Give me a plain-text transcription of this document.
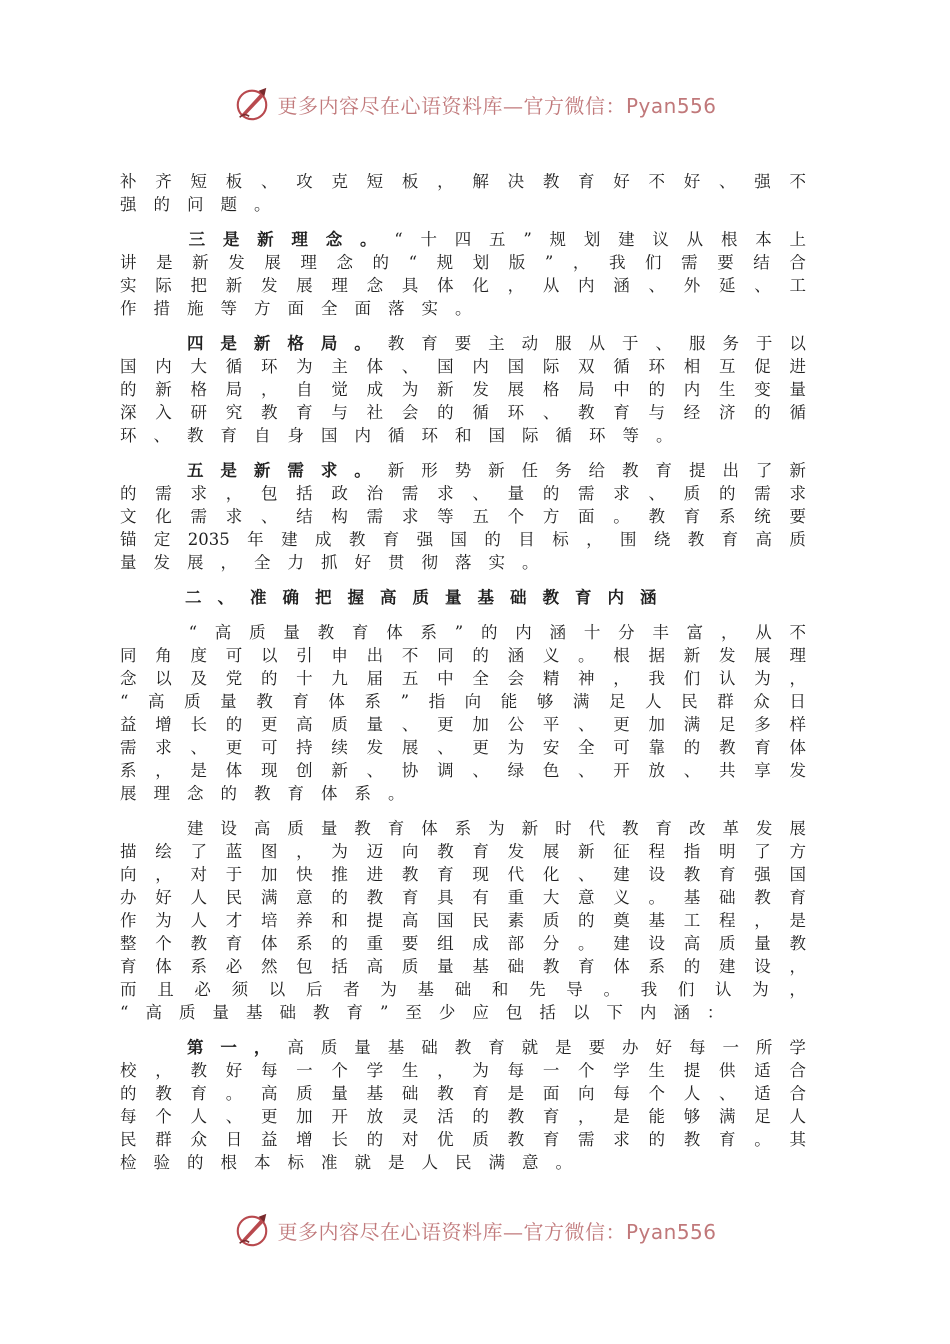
更多内容尽在心语资料库—官方微信：Pyan556
补 齐 短 板 、 攻 克 短 板 ， 解 决 教 育 好 不 好 、 强 不
强 的 问 题 。

三 是 新 理 念 。 “ 十 四 五 ” 规 划 建 议 从 根 本 上
讲 是 新 发 展 理 念 的 “ 规 划 版 ” ， 我 们 需 要 结 合
实 际 把 新 发 展 理 念 具 体 化 ， 从 内 涵 、 外 延 、 工
作 措 施 等 方 面 全 面 落 实 。

四 是 新 格 局 。 教 育 要 主 动 服 从 于 、 服 务 于 以
国 内 大 循 环 为 主 体 、 国 内 国 际 双 循 环 相 互 促 进
的 新 格 局 ， 自 觉 成 为 新 发 展 格 局 中 的 内 生 变 量
深 入 研 究 教 育 与 社 会 的 循 环 、 教 育 与 经 济 的 循
环 、 教 育 自 身 国 内 循 环 和 国 际 循 环 等 。

五 是 新 需 求 。 新 形 势 新 任 务 给 教 育 提 出 了 新
的 需 求 ， 包 括 政 治 需 求 、 量 的 需 求 、 质 的 需 求
文 化 需 求 、 结 构 需 求 等 五 个 方 面 。 教 育 系 统 要
锚 定 2035 年 建 成 教 育 强 国 的 目 标 ， 围 绕 教 育 高 质
量 发 展 ， 全 力 抓 好 贯 彻 落 实 。

二 、 准 确 把 握 高 质 量 基 础 教 育 内 涵

“ 高 质 量 教 育 体 系 ” 的 内 涵 十 分 丰 富 ， 从 不
同 角 度 可 以 引 申 出 不 同 的 涵 义 。 根 据 新 发 展 理
念 以 及 党 的 十 九 届 五 中 全 会 精 神 ， 我 们 认 为 ，
“ 高 质 量 教 育 体 系 ” 指 向 能 够 满 足 人 民 群 众 日
益 增 长 的 更 高 质 量 、 更 加 公 平 、 更 加 满 足 多 样
需 求 、 更 可 持 续 发 展 、 更 为 安 全 可 靠 的 教 育 体
系 ， 是 体 现 创 新 、 协 调 、 绿 色 、 开 放 、 共 享 发
展 理 念 的 教 育 体 系 。

建 设 高 质 量 教 育 体 系 为 新 时 代 教 育 改 革 发 展
描 绘 了 蓝 图 ， 为 迈 向 教 育 发 展 新 征 程 指 明 了 方
向 ， 对 于 加 快 推 进 教 育 现 代 化 、 建 设 教 育 强 国
办 好 人 民 满 意 的 教 育 具 有 重 大 意 义 。 基 础 教 育
作 为 人 才 培 养 和 提 高 国 民 素 质 的 奠 基 工 程 ， 是
整 个 教 育 体 系 的 重 要 组 成 部 分 。 建 设 高 质 量 教
育 体 系 必 然 包 括 高 质 量 基 础 教 育 体 系 的 建 设 ，
而 且 必 须 以 后 者 为 基 础 和 先 导 。 我 们 认 为 ，
“ 高 质 量 基 础 教 育 ” 至 少 应 包 括 以 下 内 涵 ：

第 一 ， 高 质 量 基 础 教 育 就 是 要 办 好 每 一 所 学
校 ， 教 好 每 一 个 学 生 ， 为 每 一 个 学 生 提 供 适 合
的 教 育 。 高 质 量 基 础 教 育 是 面 向 每 个 人 、 适 合
每 个 人 、 更 加 开 放 灵 活 的 教 育 ， 是 能 够 满 足 人
民 群 众 日 益 增 长 的 对 优 质 教 育 需 求 的 教 育 。 其
检 验 的 根 本 标 准 就 是 人 民 满 意 。
更多内容尽在心语资料库—官方微信：Pyan556
